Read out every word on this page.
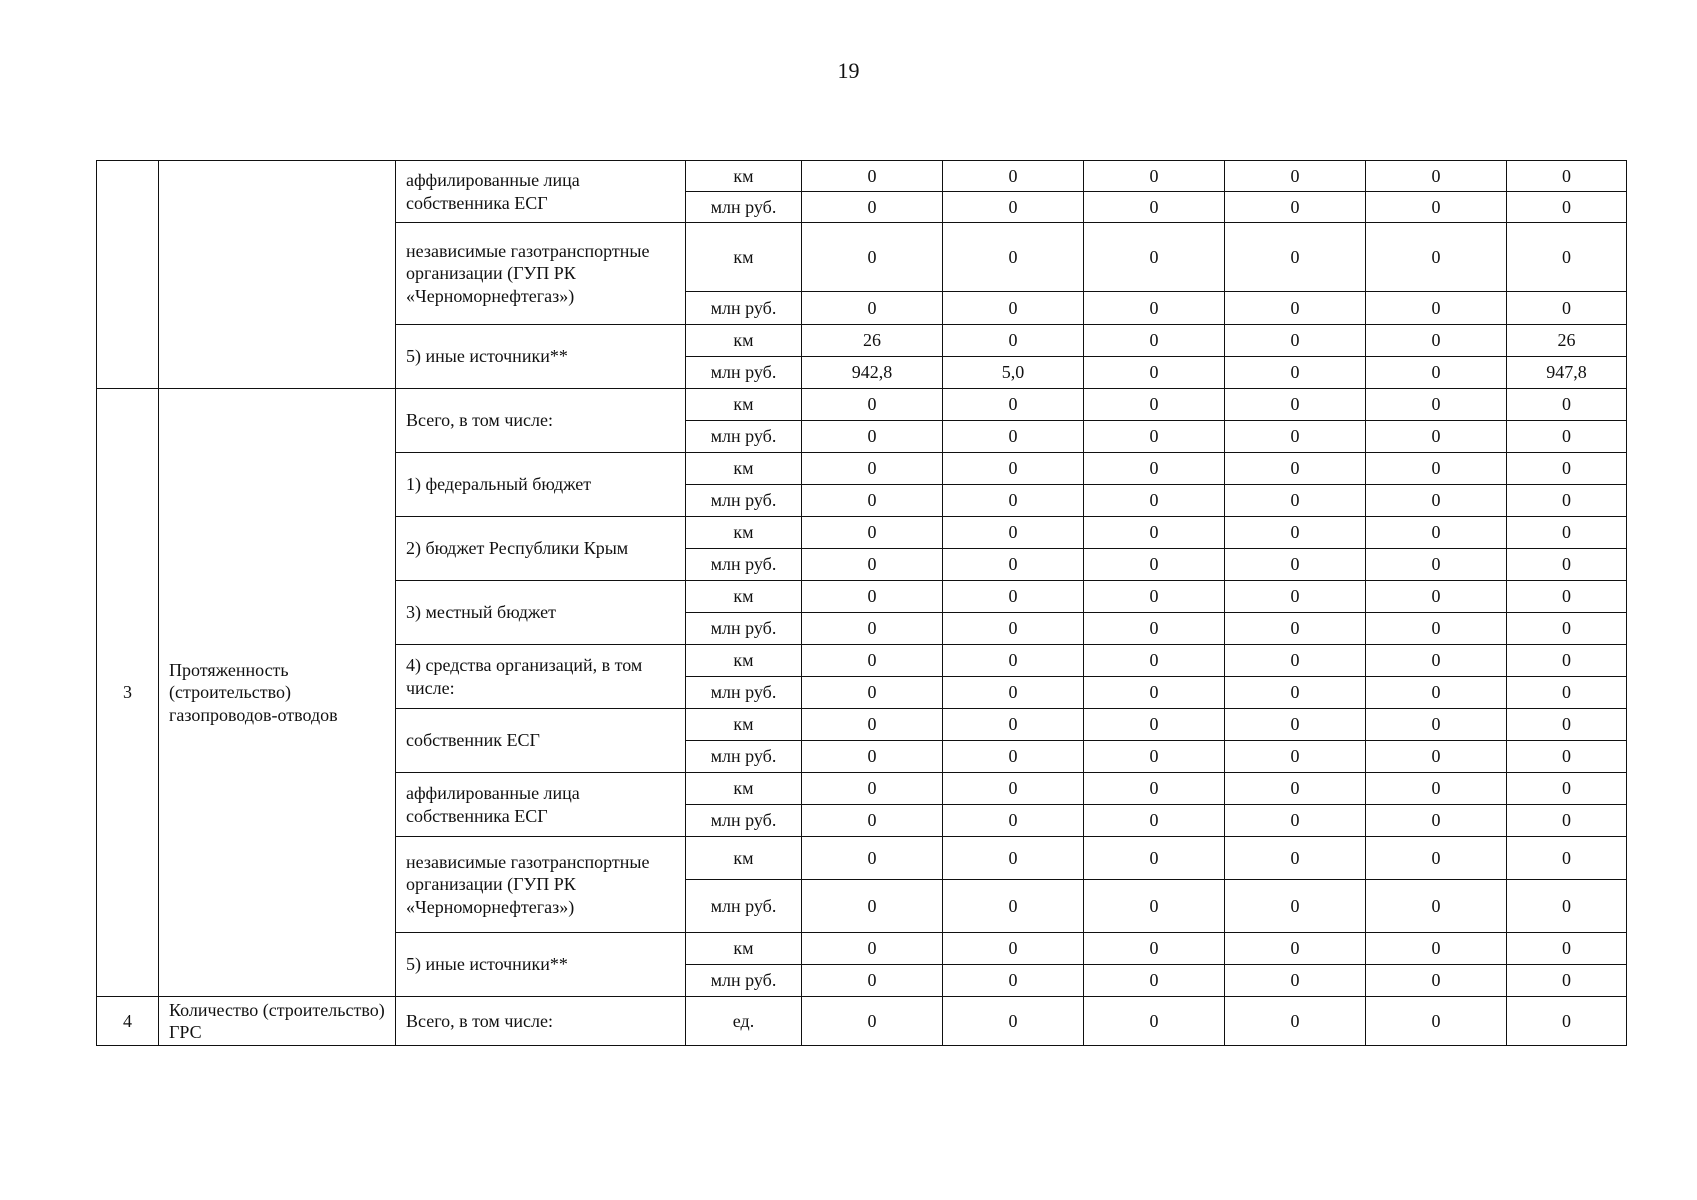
19
		аффилированные лица собственника ЕСГ	км	0	0	0	0	0	0
			млн руб.	0	0	0	0	0	0
		независимые газотранспортные организации (ГУП РК «Черноморнефтегаз»)	км	0	0	0	0	0	0
			млн руб.	0	0	0	0	0	0
		5) иные источники**	км	26	0	0	0	0	26
			млн руб.	942,8	5,0	0	0	0	947,8
3	Протяженность (строительство) газопроводов-отводов	Всего, в том числе:	км	0	0	0	0	0	0
			млн руб.	0	0	0	0	0	0
		1) федеральный бюджет	км	0	0	0	0	0	0
			млн руб.	0	0	0	0	0	0
		2) бюджет Республики Крым	км	0	0	0	0	0	0
			млн руб.	0	0	0	0	0	0
		3) местный бюджет	км	0	0	0	0	0	0
			млн руб.	0	0	0	0	0	0
		4) средства организаций, в том числе:	км	0	0	0	0	0	0
			млн руб.	0	0	0	0	0	0
		собственник ЕСГ	км	0	0	0	0	0	0
			млн руб.	0	0	0	0	0	0
		аффилированные лица собственника ЕСГ	км	0	0	0	0	0	0
			млн руб.	0	0	0	0	0	0
		независимые газотранспортные организации (ГУП РК «Черноморнефтегаз»)	км	0	0	0	0	0	0
			млн руб.	0	0	0	0	0	0
		5) иные источники**	км	0	0	0	0	0	0
			млн руб.	0	0	0	0	0	0
4	Количество (строительство) ГРС	Всего, в том числе:	ед.	0	0	0	0	0	0
